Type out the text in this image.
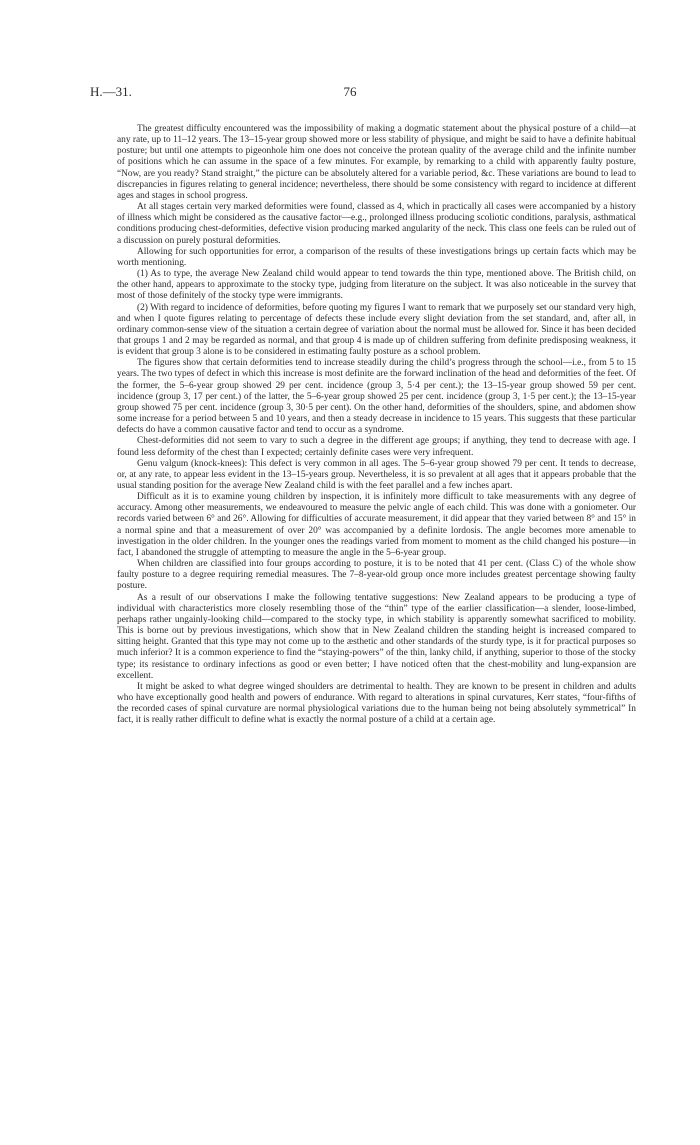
H.—31.	76

The greatest difficulty encountered was the impossibility of making a dogmatic statement about the physical posture of a child—at any rate, up to 11–12 years. The 13–15-year group showed more or less stability of physique, and might be said to have a definite habitual posture; but until one attempts to pigeonhole him one does not conceive the protean quality of the average child and the infinite number of positions which he can assume in the space of a few minutes. For example, by remarking to a child with apparently faulty posture, “Now, are you ready? Stand straight,” the picture can be absolutely altered for a variable period, &c. These variations are bound to lead to discrepancies in figures relating to general incidence; nevertheless, there should be some consistency with regard to incidence at different ages and stages in school progress.

At all stages certain very marked deformities were found, classed as 4, which in practically all cases were accompanied by a history of illness which might be considered as the causative factor—e.g., prolonged illness producing scoliotic conditions, paralysis, asthmatical conditions producing chest-deformities, defective vision producing marked angularity of the neck. This class one feels can be ruled out of a discussion on purely postural deformities.

Allowing for such opportunities for error, a comparison of the results of these investigations brings up certain facts which may be worth mentioning.

(1) As to type, the average New Zealand child would appear to tend towards the thin type, mentioned above. The British child, on the other hand, appears to approximate to the stocky type, judging from literature on the subject. It was also noticeable in the survey that most of those definitely of the stocky type were immigrants.

(2) With regard to incidence of deformities, before quoting my figures I want to remark that we purposely set our standard very high, and when I quote figures relating to percentage of defects these include every slight deviation from the set standard, and, after all, in ordinary common-sense view of the situation a certain degree of variation about the normal must be allowed for. Since it has been decided that groups 1 and 2 may be regarded as normal, and that group 4 is made up of children suffering from definite predisposing weakness, it is evident that group 3 alone is to be considered in estimating faulty posture as a school problem.

The figures show that certain deformities tend to increase steadily during the child’s progress through the school—i.e., from 5 to 15 years. The two types of defect in which this increase is most definite are the forward inclination of the head and deformities of the feet. Of the former, the 5–6-year group showed 29 per cent. incidence (group 3, 5·4 per cent.); the 13–15-year group showed 59 per cent. incidence (group 3, 17 per cent.) of the latter, the 5–6-year group showed 25 per cent. incidence (group 3, 1·5 per cent.); the 13–15-year group showed 75 per cent. incidence (group 3, 30·5 per cent). On the other hand, deformities of the shoulders, spine, and abdomen show some increase for a period between 5 and 10 years, and then a steady decrease in incidence to 15 years. This suggests that these particular defects do have a common causative factor and tend to occur as a syndrome.

Chest-deformities did not seem to vary to such a degree in the different age groups; if anything, they tend to decrease with age. I found less deformity of the chest than I expected; certainly definite cases were very infrequent.

Genu valgum (knock-knees): This defect is very common in all ages. The 5–6-year group showed 79 per cent. It tends to decrease, or, at any rate, to appear less evident in the 13–15-years group. Nevertheless, it is so prevalent at all ages that it appears probable that the usual standing position for the average New Zealand child is with the feet parallel and a few inches apart.

Difficult as it is to examine young children by inspection, it is infinitely more difficult to take measurements with any degree of accuracy. Among other measurements, we endeavoured to measure the pelvic angle of each child. This was done with a goniometer. Our records varied between 6° and 26°. Allowing for difficulties of accurate measurement, it did appear that they varied between 8° and 15° in a normal spine and that a measurement of over 20° was accompanied by a definite lordosis. The angle becomes more amenable to investigation in the older children. In the younger ones the readings varied from moment to moment as the child changed his posture—in fact, I abandoned the struggle of attempting to measure the angle in the 5–6-year group.

When children are classified into four groups according to posture, it is to be noted that 41 per cent. (Class C) of the whole show faulty posture to a degree requiring remedial measures. The 7–8-year-old group once more includes greatest percentage showing faulty posture.

As a result of our observations I make the following tentative suggestions: New Zealand appears to be producing a type of individual with characteristics more closely resembling those of the “thin” type of the earlier classification—a slender, loose-limbed, perhaps rather ungainly-looking child—compared to the stocky type, in which stability is apparently somewhat sacrificed to mobility. This is borne out by previous investigations, which show that in New Zealand children the standing height is increased compared to sitting height. Granted that this type may not come up to the æsthetic and other standards of the sturdy type, is it for practical purposes so much inferior? It is a common experience to find the “staying-powers” of the thin, lanky child, if anything, superior to those of the stocky type; its resistance to ordinary infections as good or even better; I have noticed often that the chest-mobility and lung-expansion are excellent.

It might be asked to what degree winged shoulders are detrimental to health. They are known to be present in children and adults who have exceptionally good health and powers of endurance. With regard to alterations in spinal curvatures, Kerr states, “four-fifths of the recorded cases of spinal curvature are normal physiological variations due to the human being not being absolutely symmetrical” In fact, it is really rather difficult to define what is exactly the normal posture of a child at a certain age.
